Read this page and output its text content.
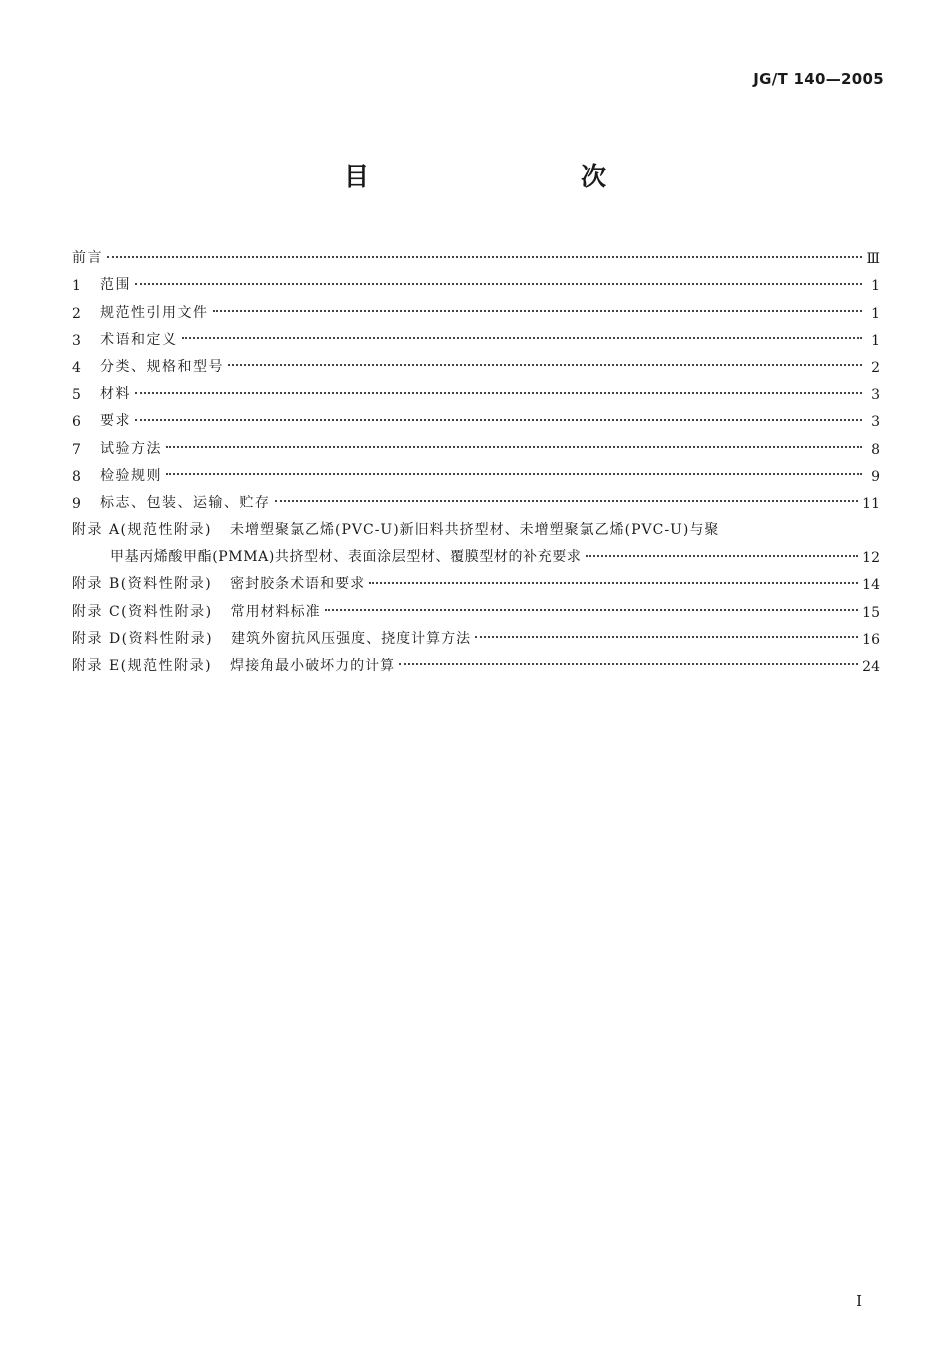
JG/T 140—2005
目　　次
前言	Ⅲ
1	范围	1
2	规范性引用文件	1
3	术语和定义	1
4	分类、规格和型号	2
5	材料	3
6	要求	3
7	试验方法	8
8	检验规则	9
9	标志、包装、运输、贮存	11
附录 A(规范性附录) 未增塑聚氯乙烯(PVC-U)新旧料共挤型材、未增塑聚氯乙烯(PVC-U)与聚
甲基丙烯酸甲酯(PMMA)共挤型材、表面涂层型材、覆膜型材的补充要求	12
附录 B(资料性附录) 密封胶条术语和要求	14
附录 C(资料性附录) 常用材料标准	15
附录 D(资料性附录) 建筑外窗抗风压强度、挠度计算方法	16
附录 E(规范性附录) 焊接角最小破坏力的计算	24
I
